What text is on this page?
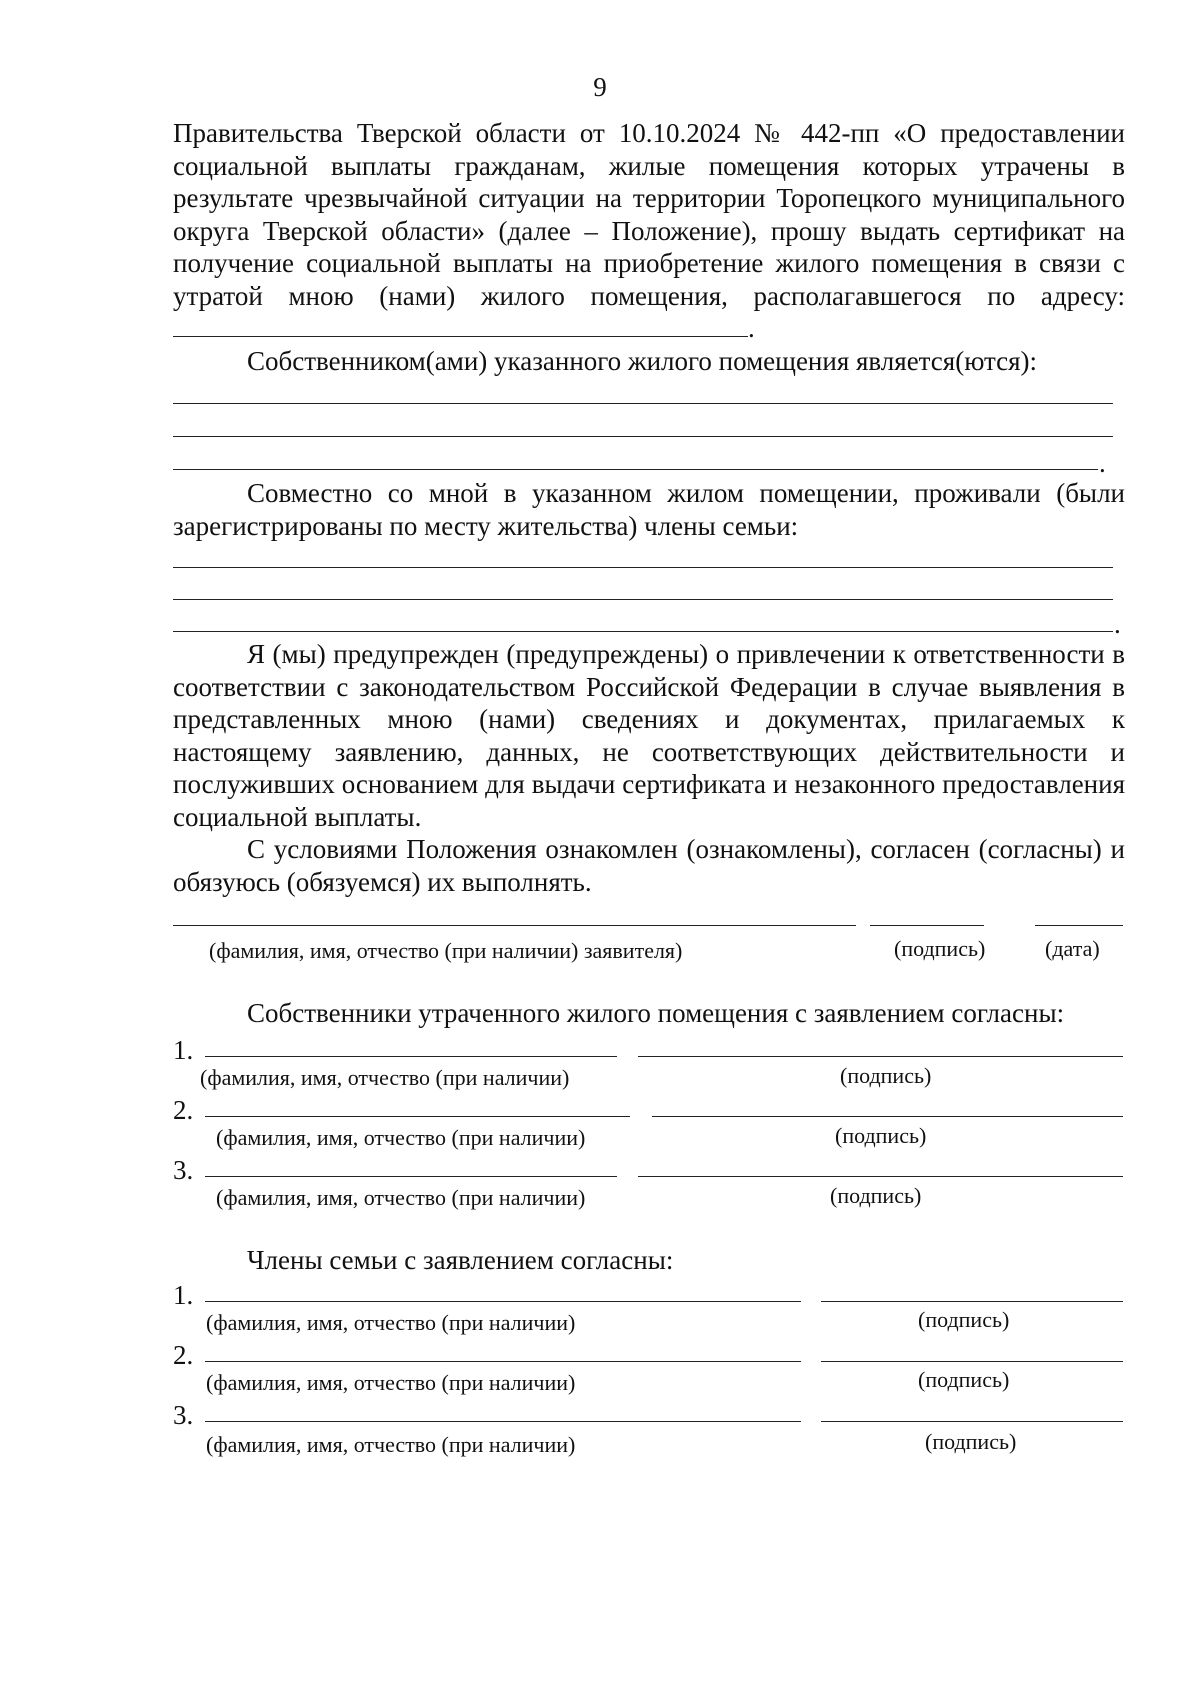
9
Правительства Тверской области от 10.10.2024 № 442-пп «О предоставлении социальной выплаты гражданам, жилые помещения которых утрачены в результате чрезвычайной ситуации на территории Торопецкого муниципального округа Тверской области» (далее – Положение), прошу выдать сертификат на получение социальной выплаты на приобретение жилого помещения в связи с утратой мною (нами) жилого помещения, располагавшегося по адресу:.
Собственником(ами) указанного жилого помещения является(ются):
.
Совместно со мной в указанном жилом помещении, проживали (были зарегистрированы по месту жительства) члены семьи:
.
Я (мы) предупрежден (предупреждены) о привлечении к ответственности в соответствии с законодательством Российской Федерации в случае выявления в представленных мною (нами) сведениях и документах, прилагаемых к настоящему заявлению, данных, не соответствующих действительности и послуживших основанием для выдачи сертификата и незаконного предоставления социальной выплаты.
С условиями Положения ознакомлен (ознакомлены), согласен (согласны) и обязуюсь (обязуемся) их выполнять.
(фамилия, имя, отчество (при наличии) заявителя)	(подпись)	(дата)
Собственники утраченного жилого помещения с заявлением согласны:
1.
(фамилия, имя, отчество (при наличии)	(подпись)
2.
(фамилия, имя, отчество (при наличии)	(подпись)
3.
(фамилия, имя, отчество (при наличии)	(подпись)
Члены семьи с заявлением согласны:
1.
(фамилия, имя, отчество (при наличии)	(подпись)
2.
(фамилия, имя, отчество (при наличии)	(подпись)
3.
(фамилия, имя, отчество (при наличии)	(подпись)
